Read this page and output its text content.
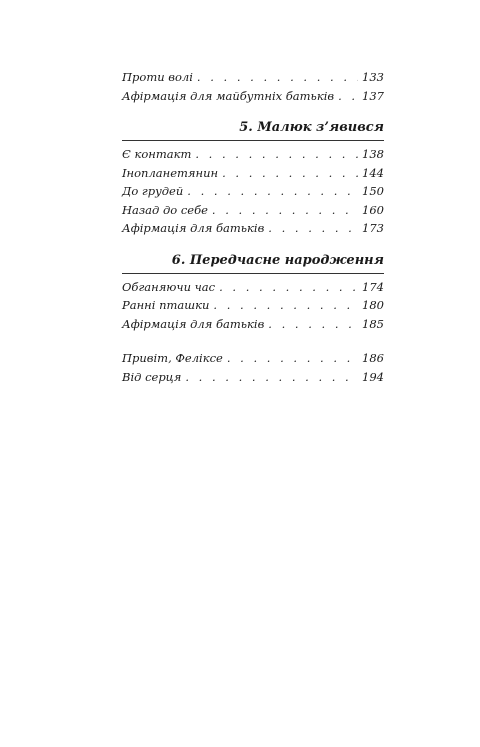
Проти волі . . .	133
Афірмація для майбутніх батьків . . . 137
5. Малюк з’явився
Є контакт . . .	138
Інопланетянин . . .	144
До грудей . . .	150
Назад до себе . . .	160
Афірмація для батьків . . .	173
6. Передчасне народження
Обганяючи час . . .	174
Ранні пташки . . .	180
Афірмація для батьків . . .	185
Привіт, Феліксе . . .	186
Від серця . . .	194
